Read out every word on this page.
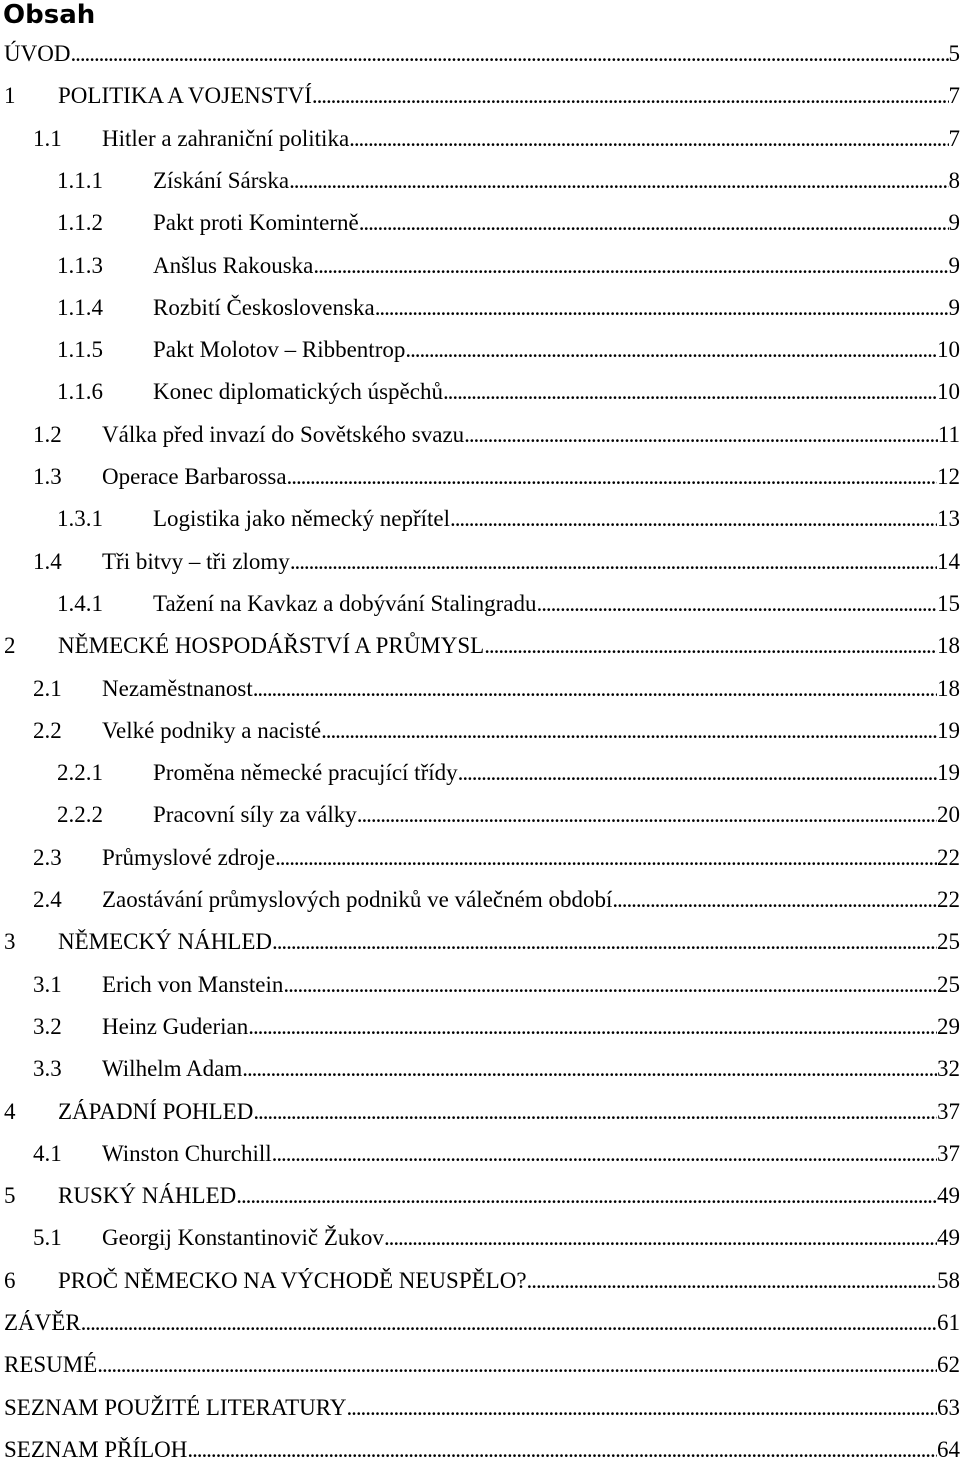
Obsah
ÚVOD . . .	5
1	POLITIKA A VOJENSTVÍ . . .	7
1.1	Hitler a zahraniční politika . . .	7
1.1.1	Získání Sárska . . .	8
1.1.2	Pakt proti Kominterně . . .	9
1.1.3	Anšlus Rakouska . . .	9
1.1.4	Rozbití Československa . . .	9
1.1.5	Pakt Molotov – Ribbentrop . . .	10
1.1.6	Konec diplomatických úspěchů . . .	10
1.2	Válka před invazí do Sovětského svazu . . .	11
1.3	Operace Barbarossa . . .	12
1.3.1	Logistika jako německý nepřítel . . .	13
1.4	Tři bitvy – tři zlomy . . .	14
1.4.1	Tažení na Kavkaz a dobývání Stalingradu . . .	15
2	NĚMECKÉ HOSPODÁŘSTVÍ A PRŮMYSL . . .	18
2.1	Nezaměstnanost . . .	18
2.2	Velké podniky a nacisté . . .	19
2.2.1	Proměna německé pracující třídy . . .	19
2.2.2	Pracovní síly za války . . .	20
2.3	Průmyslové zdroje . . .	22
2.4	Zaostávání průmyslových podniků ve válečném období . . .	22
3	NĚMECKÝ NÁHLED . . .	25
3.1	Erich von Manstein . . .	25
3.2	Heinz Guderian . . .	29
3.3	Wilhelm Adam . . .	32
4	ZÁPADNÍ POHLED . . .	37
4.1	Winston Churchill . . .	37
5	RUSKÝ NÁHLED . . .	49
5.1	Georgij Konstantinovič Žukov . . .	49
6	PROČ NĚMECKO NA VÝCHODĚ NEUSPĚLO? . . .	58
ZÁVĚR . . .	61
RESUMÉ . . .	62
SEZNAM POUŽITÉ LITERATURY . . .	63
SEZNAM PŘÍLOH . . .	64
